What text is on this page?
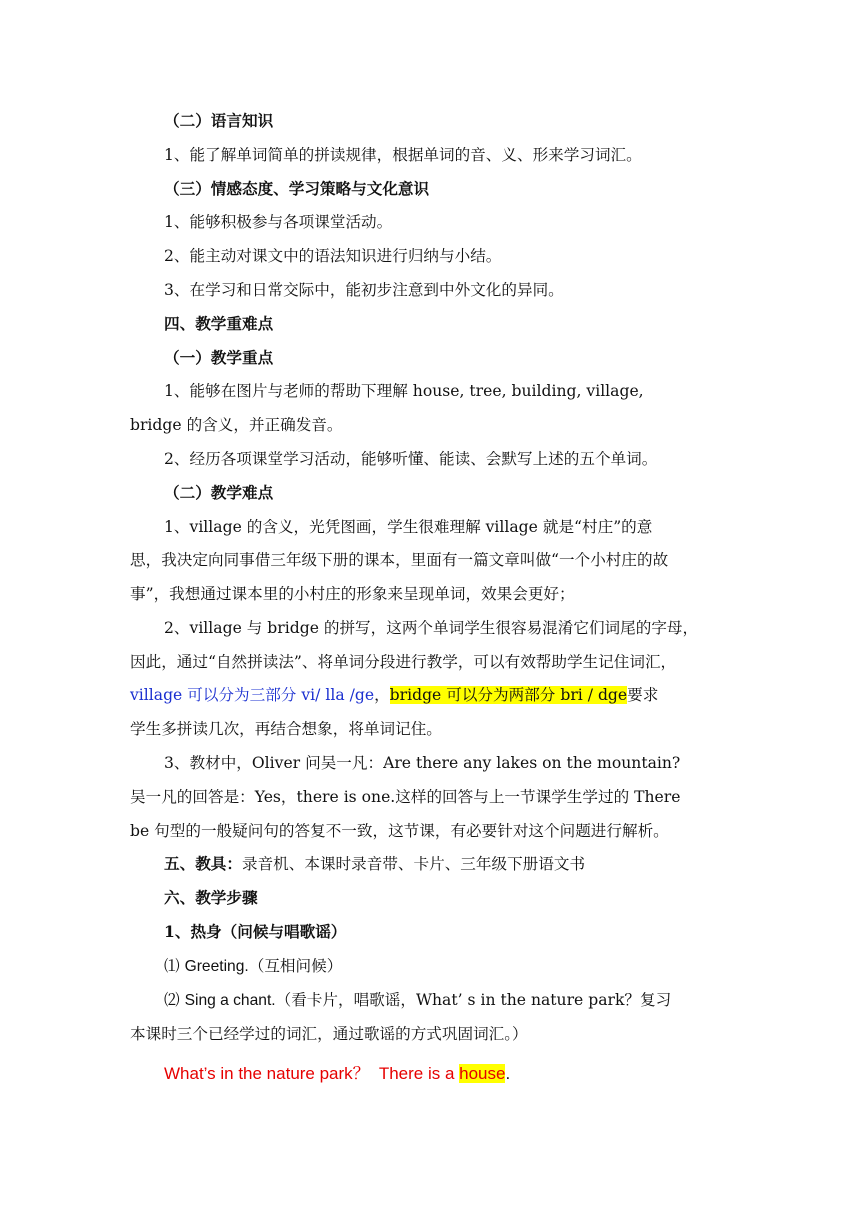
（二）语言知识
1、能了解单词简单的拼读规律，根据单词的音、义、形来学习词汇。
（三）情感态度、学习策略与文化意识
1、能够积极参与各项课堂活动。
2、能主动对课文中的语法知识进行归纳与小结。
3、在学习和日常交际中，能初步注意到中外文化的异同。
四、教学重难点
（一）教学重点
1、能够在图片与老师的帮助下理解 house, tree, building, village,
bridge 的含义，并正确发音。
2、经历各项课堂学习活动，能够听懂、能读、会默写上述的五个单词。
（二）教学难点
1、village 的含义，光凭图画，学生很难理解 village 就是“村庄”的意
思，我决定向同事借三年级下册的课本，里面有一篇文章叫做“一个小村庄的故
事”，我想通过课本里的小村庄的形象来呈现单词，效果会更好；
2、village 与 bridge 的拼写，这两个单词学生很容易混淆它们词尾的字母，
因此，通过“自然拼读法”、将单词分段进行教学，可以有效帮助学生记住词汇，
village 可以分为三部分 vi/ lla /ge，bridge 可以分为两部分 bri / dge要求
学生多拼读几次，再结合想象，将单词记住。
3、教材中，Oliver 问吴一凡：Are there any lakes on the mountain?
吴一凡的回答是：Yes，there is one.这样的回答与上一节课学生学过的 There
be 句型的一般疑问句的答复不一致，这节课，有必要针对这个问题进行解析。
五、教具：录音机、本课时录音带、卡片、三年级下册语文书
六、教学步骤
1、热身（问候与唱歌谣）
⑴ Greeting.（互相问候）
⑵ Sing a chant.（看卡片，唱歌谣，What’ s in the nature park？复习
本课时三个已经学过的词汇，通过歌谣的方式巩固词汇。）
What’s in the nature park？  There is a house.
